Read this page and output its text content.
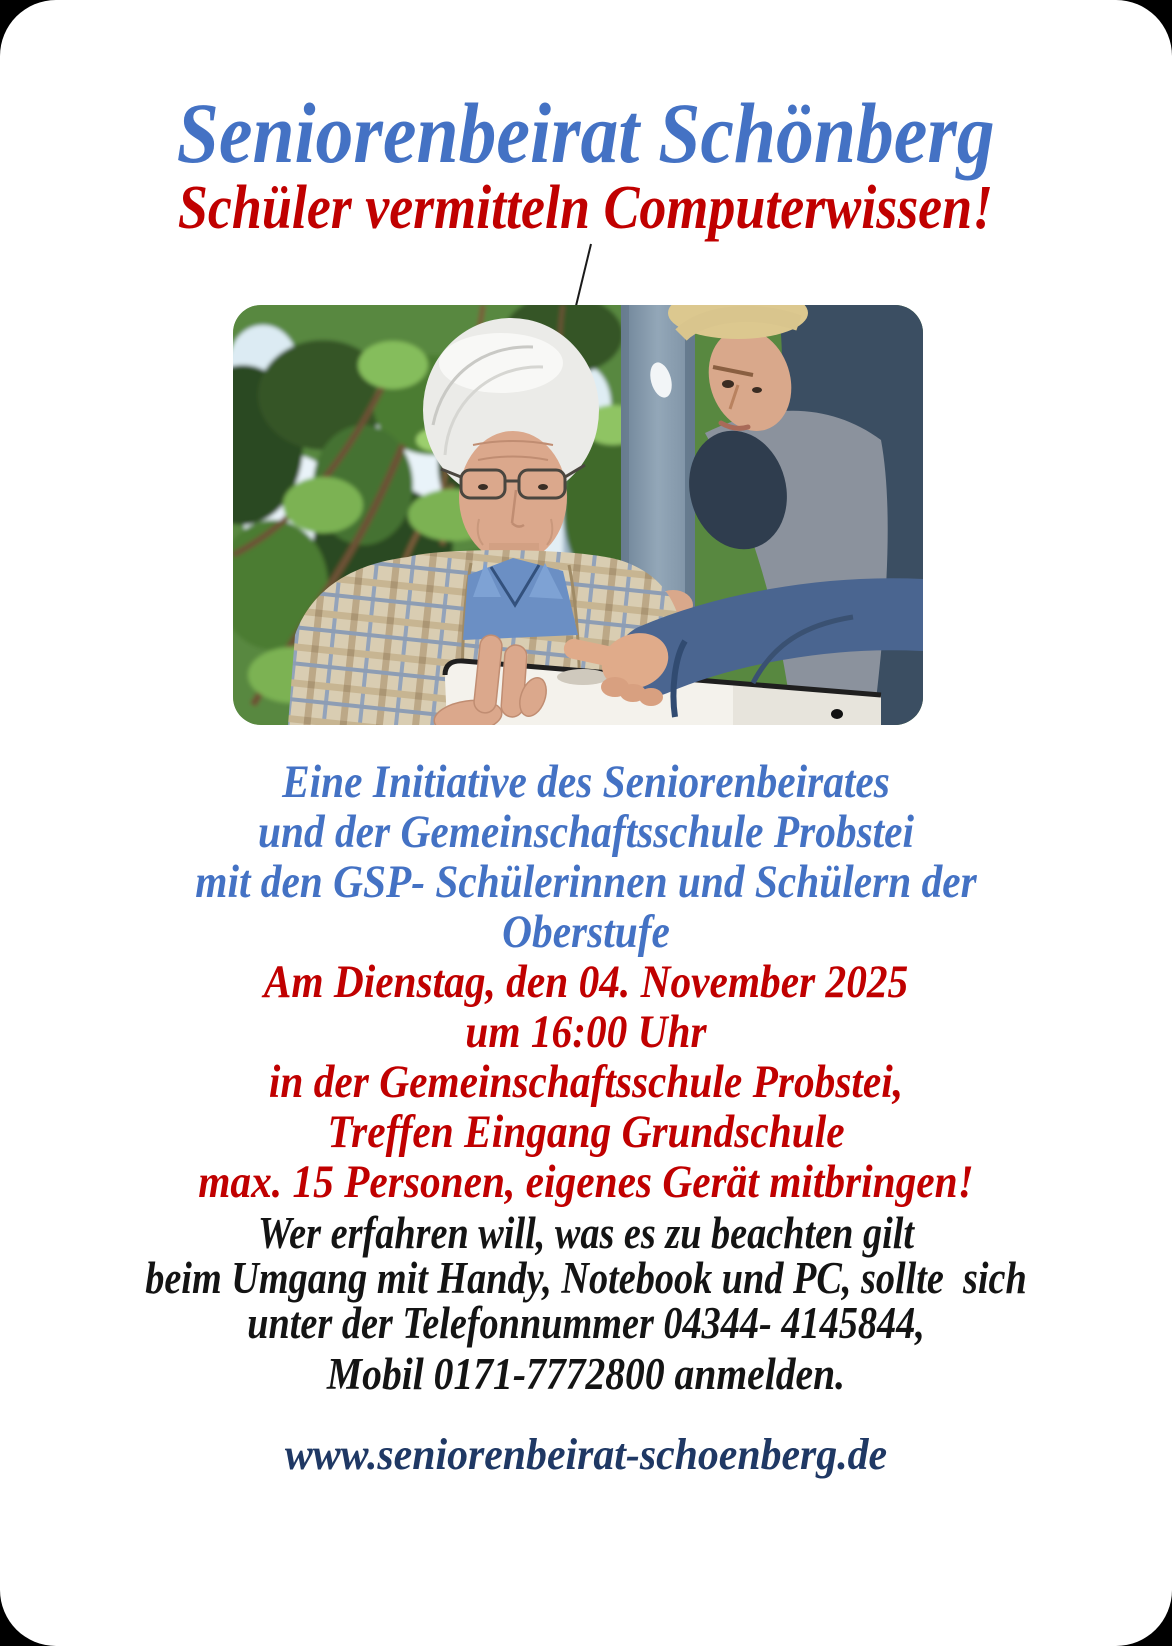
Seniorenbeirat Schönberg
Schüler vermitteln Computerwissen!
Eine Initiative des Seniorenbeirates
und der Gemeinschaftsschule Probstei
mit den GSP- Schülerinnen und Schülern der
Oberstufe
Am Dienstag, den 04. November 2025
um 16:00 Uhr
in der Gemeinschaftsschule Probstei,
Treffen Eingang Grundschule
max. 15 Personen, eigenes Gerät mitbringen!
Wer erfahren will, was es zu beachten gilt
beim Umgang mit Handy, Notebook und PC, sollte  sich
unter der Telefonnummer 04344- 4145844,
Mobil 0171-7772800 anmelden.
www.seniorenbeirat-schoenberg.de
